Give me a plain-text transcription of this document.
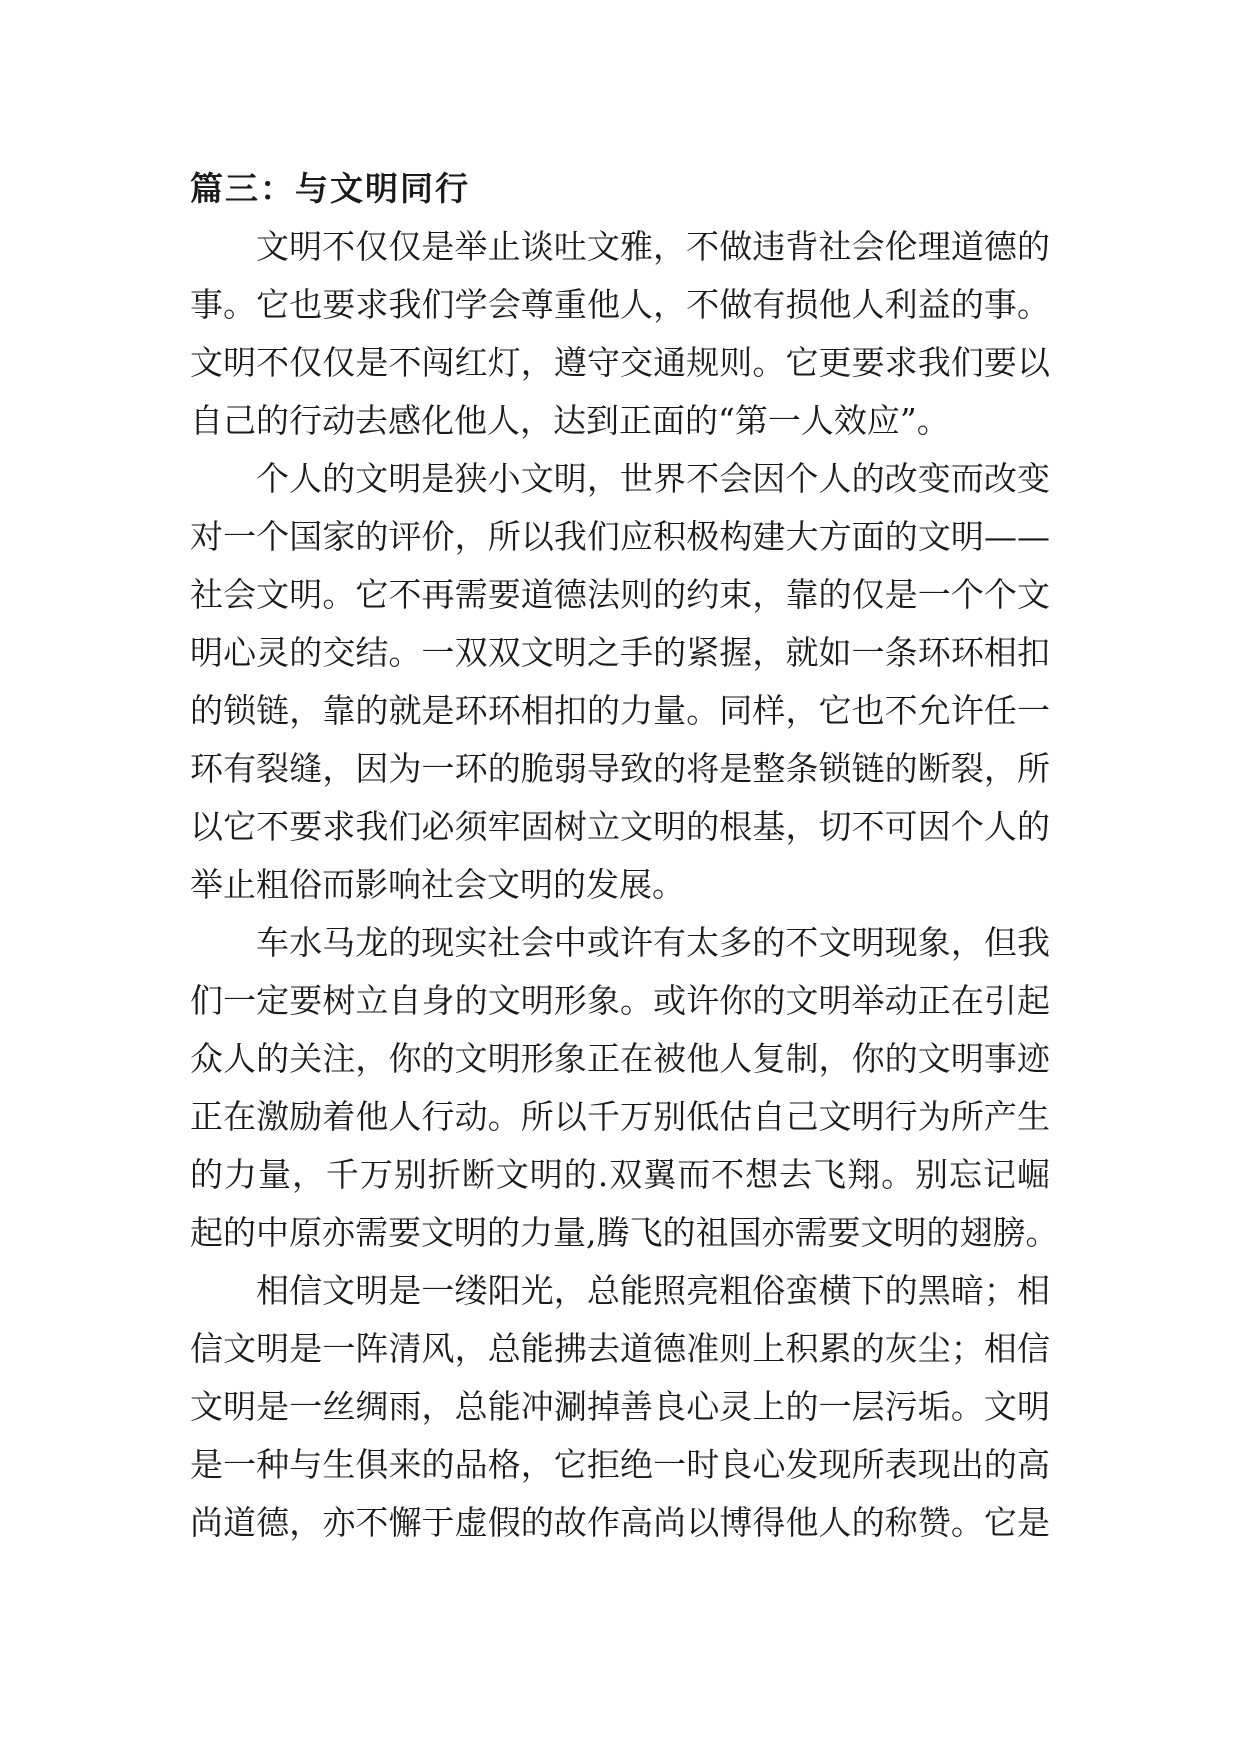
篇三：与文明同行
文明不仅仅是举止谈吐文雅，不做违背社会伦理道德的
事。它也要求我们学会尊重他人，不做有损他人利益的事。
文明不仅仅是不闯红灯，遵守交通规则。它更要求我们要以
自己的行动去感化他人，达到正面的“第一人效应”。
个人的文明是狭小文明，世界不会因个人的改变而改变
对一个国家的评价，所以我们应积极构建大方面的文明——
社会文明。它不再需要道德法则的约束，靠的仅是一个个文
明心灵的交结。一双双文明之手的紧握，就如一条环环相扣
的锁链，靠的就是环环相扣的力量。同样，它也不允许任一
环有裂缝，因为一环的脆弱导致的将是整条锁链的断裂，所
以它不要求我们必须牢固树立文明的根基，切不可因个人的
举止粗俗而影响社会文明的发展。
车水马龙的现实社会中或许有太多的不文明现象，但我
们一定要树立自身的文明形象。或许你的文明举动正在引起
众人的关注，你的文明形象正在被他人复制，你的文明事迹
正在激励着他人行动。所以千万别低估自己文明行为所产生
的力量，千万别折断文明的.双翼而不想去飞翔。别忘记崛
起的中原亦需要文明的力量,腾飞的祖国亦需要文明的翅膀。
相信文明是一缕阳光，总能照亮粗俗蛮横下的黑暗；相
信文明是一阵清风，总能拂去道德准则上积累的灰尘；相信
文明是一丝绸雨，总能冲涮掉善良心灵上的一层污垢。文明
是一种与生俱来的品格，它拒绝一时良心发现所表现出的高
尚道德，亦不懈于虚假的故作高尚以博得他人的称赞。它是
